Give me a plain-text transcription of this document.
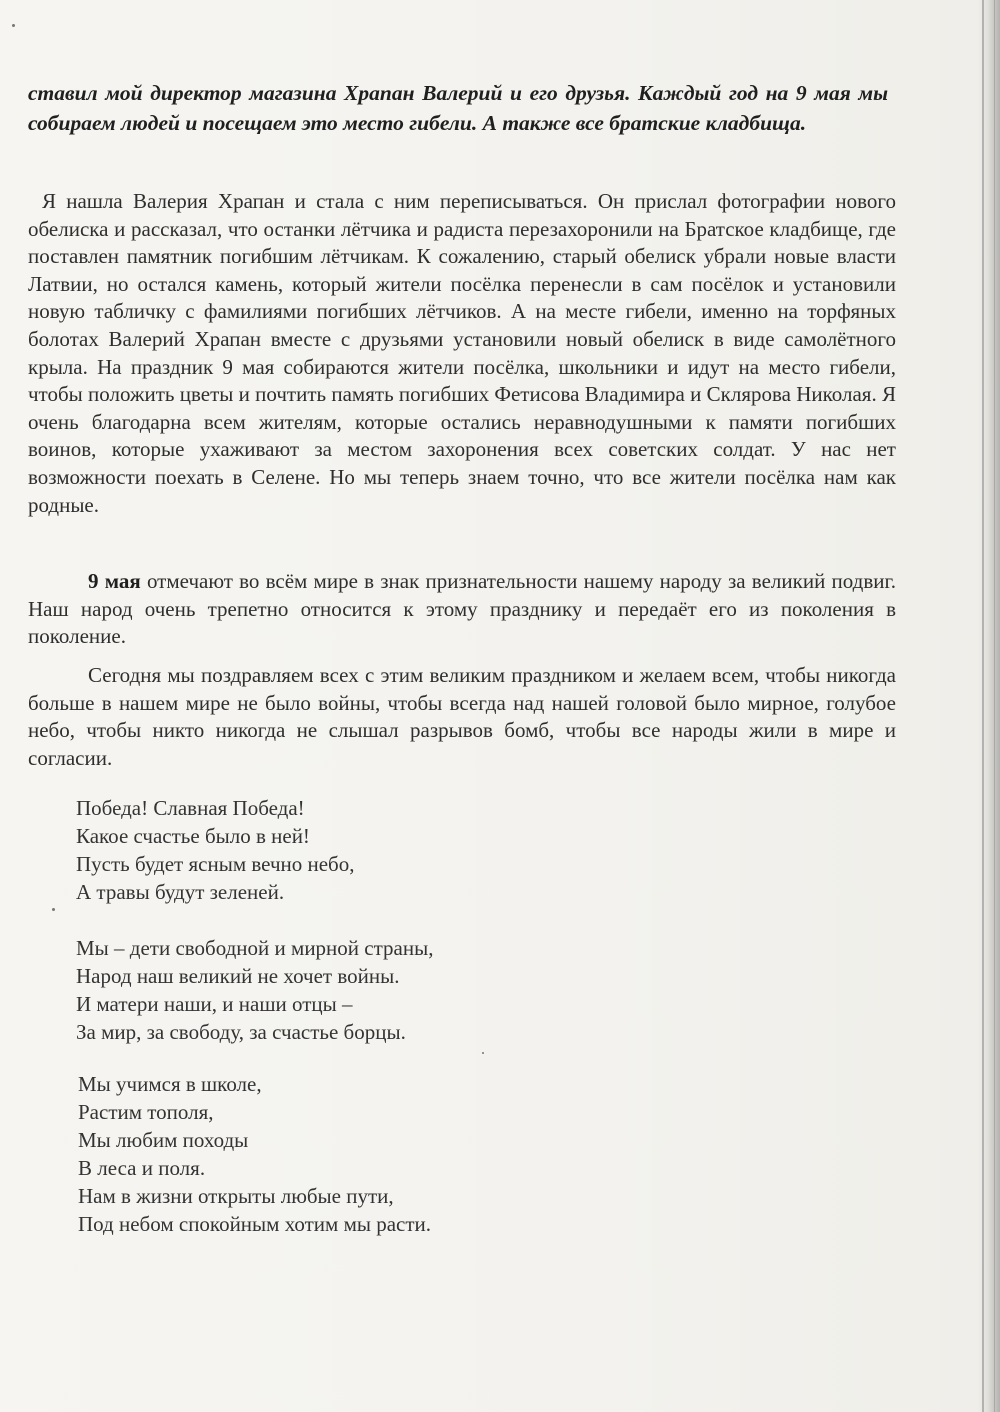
ставил мой директор магазина Храпан Валерий и его друзья. Каждый год на 9 мая мы собираем людей и посещаем это место гибели. А также все братские кладбища.

Я нашла Валерия Храпан и стала с ним переписываться. Он прислал фотографии нового обелиска и рассказал, что останки лётчика и радиста перезахоронили на Братское кладбище, где поставлен памятник погибшим лётчикам. К сожалению, старый обелиск убрали новые власти Латвии, но остался камень, который жители посёлка перенесли в сам посёлок и установили новую табличку с фамилиями погибших лётчиков. А на месте гибели, именно на торфяных болотах Валерий Храпан вместе с друзьями установили новый обелиск в виде самолётного крыла. На праздник 9 мая собираются жители посёлка, школьники и идут на место гибели, чтобы положить цветы и почтить память погибших Фетисова Владимира и Склярова Николая. Я очень благодарна всем жителям, которые остались неравнодушными к памяти погибших воинов, которые ухаживают за местом захоронения всех советских солдат. У нас нет возможности поехать в Селене. Но мы теперь знаем точно, что все жители посёлка нам как родные.

9 мая отмечают во всём мире в знак признательности нашему народу за великий подвиг. Наш народ очень трепетно относится к этому празднику и передаёт его из поколения в поколение.

Сегодня мы поздравляем всех с этим великим праздником и желаем всем, чтобы никогда больше в нашем мире не было войны, чтобы всегда над нашей головой было мирное, голубое небо, чтобы никто никогда не слышал разрывов бомб, чтобы все народы жили в мире и согласии.

Победа! Славная Победа!
Какое счастье было в ней!
Пусть будет ясным вечно небо,
А травы будут зеленей.
Мы – дети свободной и мирной страны,
Народ наш великий не хочет войны.
И матери наши, и наши отцы –
За мир, за свободу, за счастье борцы.
Мы учимся в школе,
Растим тополя,
Мы любим походы
В леса и поля.
Нам в жизни открыты любые пути,
Под небом спокойным хотим мы расти.
